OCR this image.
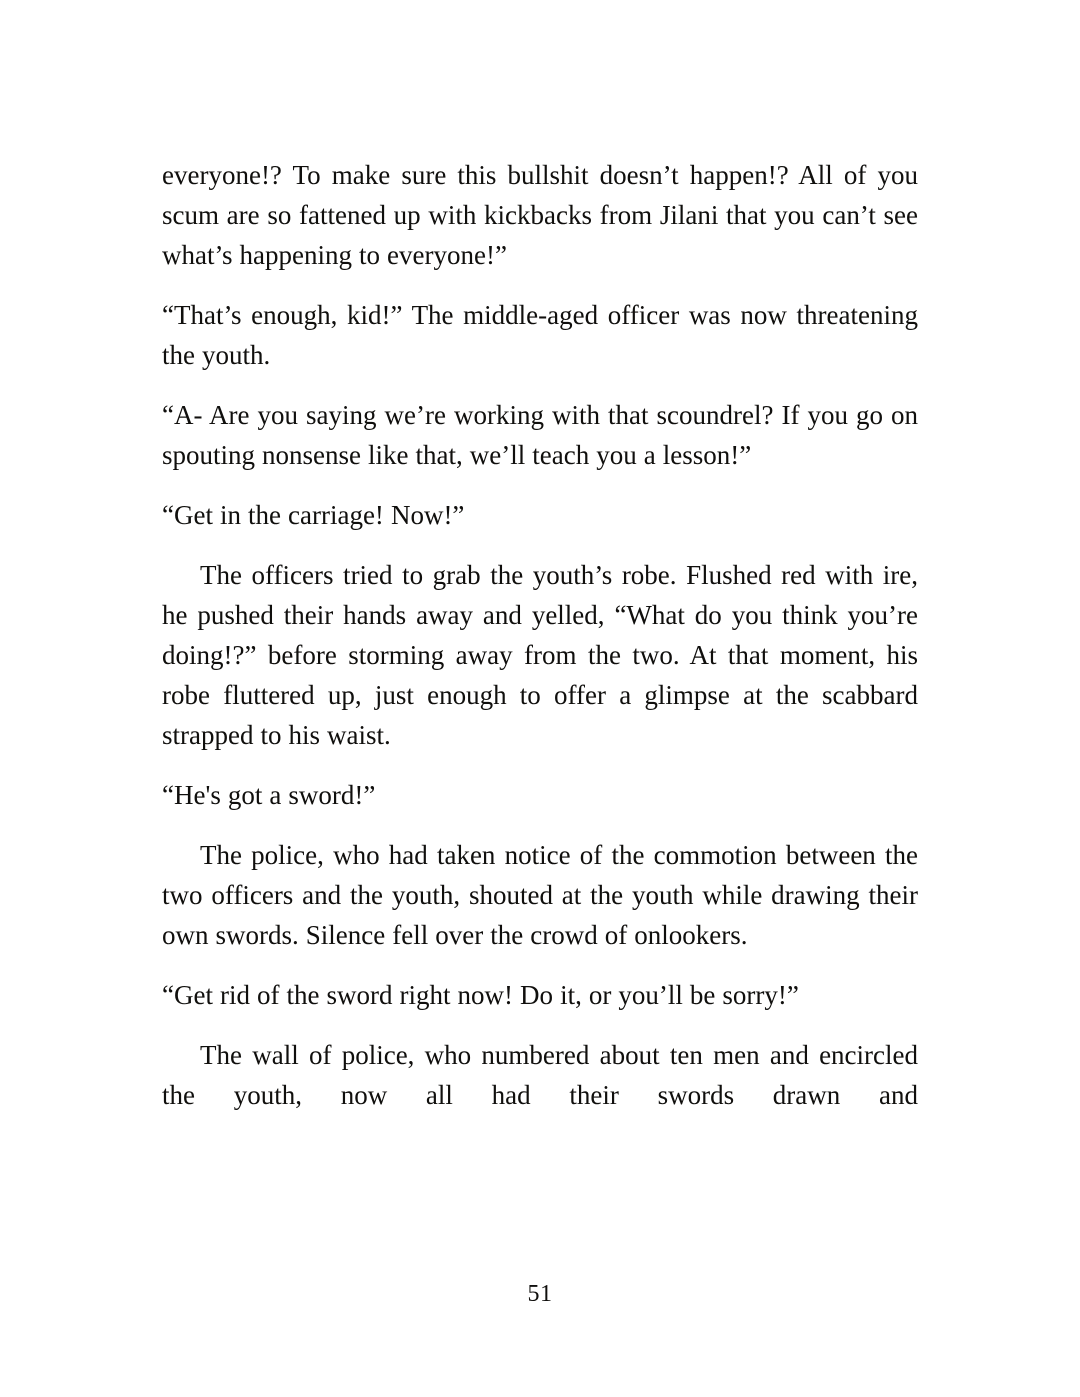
everyone!? To make sure this bullshit doesn’t happen!? All of you scum are so fattened up with kickbacks from Jilani that you can’t see what’s happening to everyone!”

“That’s enough, kid!” The middle-aged officer was now threatening the youth.

“A- Are you saying we’re working with that scoundrel? If you go on spouting nonsense like that, we’ll teach you a lesson!”

“Get in the carriage! Now!”

The officers tried to grab the youth’s robe. Flushed red with ire, he pushed their hands away and yelled, “What do you think you’re doing!?” before storming away from the two. At that moment, his robe fluttered up, just enough to offer a glimpse at the scabbard strapped to his waist.

“He's got a sword!”

The police, who had taken notice of the commotion between the two officers and the youth, shouted at the youth while drawing their own swords. Silence fell over the crowd of onlookers.

“Get rid of the sword right now! Do it, or you’ll be sorry!”

The wall of police, who numbered about ten men and encircled the youth, now all had their swords drawn and

51
